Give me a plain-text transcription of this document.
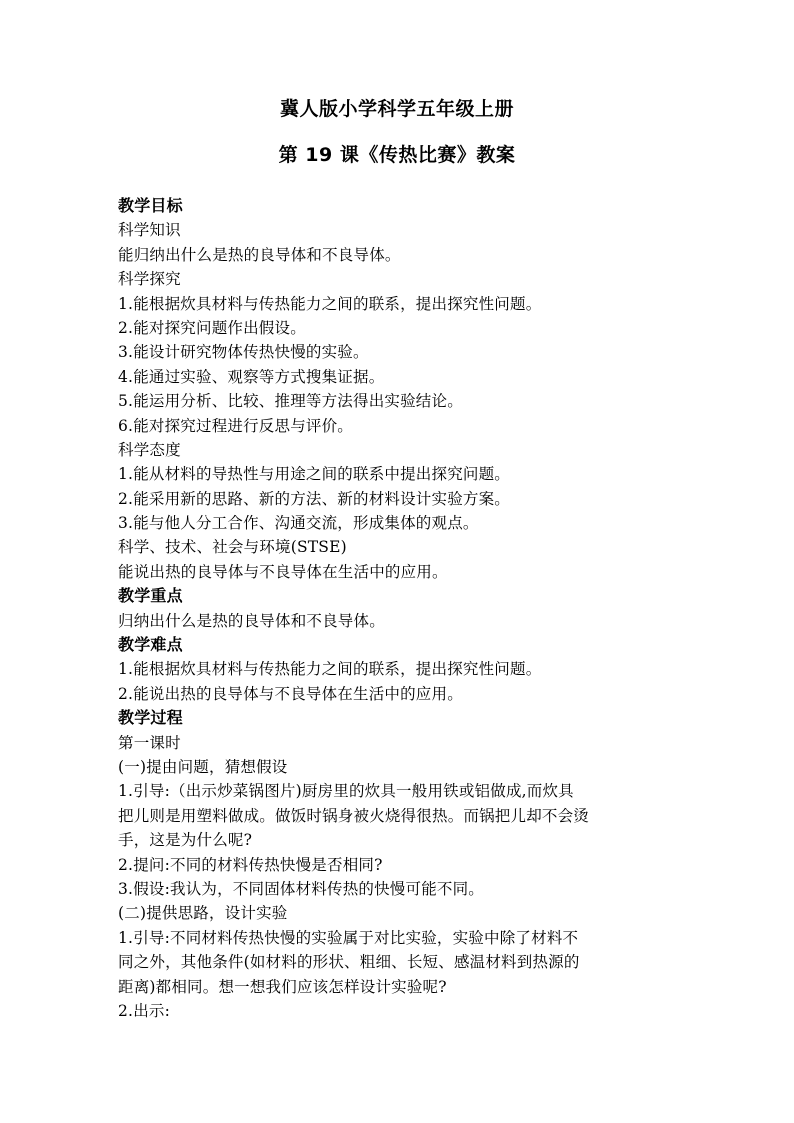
冀人版小学科学五年级上册
第 19 课《传热比赛》教案
教学目标
科学知识
能归纳出什么是热的良导体和不良导体。
科学探究
1.能根据炊具材料与传热能力之间的联系，提出探究性问题。
2.能对探究问题作出假设。
3.能设计研究物体传热快慢的实验。
4.能通过实验、观察等方式搜集证据。
5.能运用分析、比较、推理等方法得出实验结论。
6.能对探究过程进行反思与评价。
科学态度
1.能从材料的导热性与用途之间的联系中提出探究问题。
2.能采用新的思路、新的方法、新的材料设计实验方案。
3.能与他人分工合作、沟通交流，形成集体的观点。
科学、技术、社会与环境(STSE)
能说出热的良导体与不良导体在生活中的应用。
教学重点
归纳出什么是热的良导体和不良导体。
教学难点
1.能根据炊具材料与传热能力之间的联系，提出探究性问题。
2.能说出热的良导体与不良导体在生活中的应用。
教学过程
第一课时
(一)提由问题，猜想假设
1.引导:（出示炒菜锅图片)厨房里的炊具一般用铁或铝做成,而炊具
把儿则是用塑料做成。做饭时锅身被火烧得很热。而锅把儿却不会烫
手，这是为什么呢?
2.提问:不同的材料传热快慢是否相同?
3.假设:我认为，不同固体材料传热的快慢可能不同。
(二)提供思路，设计实验
1.引导:不同材料传热快慢的实验属于对比实验，实验中除了材料不
同之外，其他条件(如材料的形状、粗细、长短、感温材料到热源的
距离)都相同。想一想我们应该怎样设计实验呢?
2.出示:
